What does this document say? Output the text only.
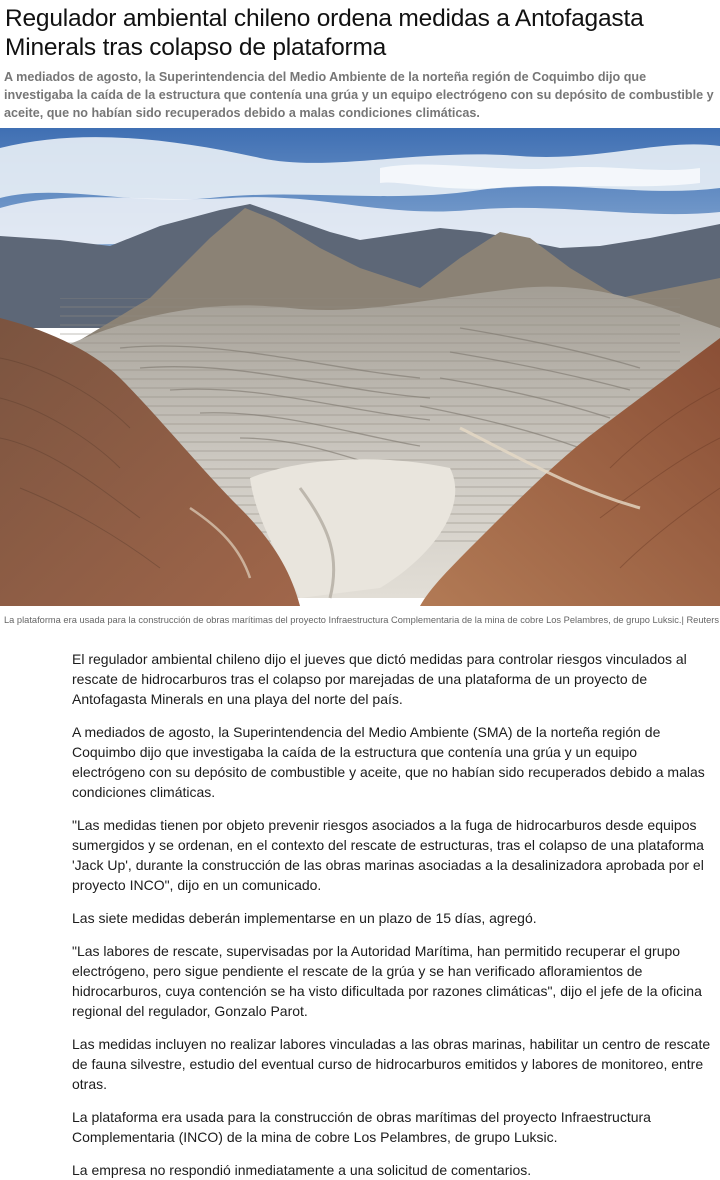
Regulador ambiental chileno ordena medidas a Antofagasta Minerals tras colapso de plataforma

A mediados de agosto, la Superintendencia del Medio Ambiente de la norteña región de Coquimbo dijo que investigaba la caída de la estructura que contenía una grúa y un equipo electrógeno con su depósito de combustible y aceite, que no habían sido recuperados debido a malas condiciones climáticas.

La plataforma era usada para la construcción de obras marítimas del proyecto Infraestructura Complementaria de la mina de cobre Los Pelambres, de grupo Luksic.| Reuters

El regulador ambiental chileno dijo el jueves que dictó medidas para controlar riesgos vinculados al rescate de hidrocarburos tras el colapso por marejadas de una plataforma de un proyecto de Antofagasta Minerals en una playa del norte del país.

A mediados de agosto, la Superintendencia del Medio Ambiente (SMA) de la norteña región de Coquimbo dijo que investigaba la caída de la estructura que contenía una grúa y un equipo electrógeno con su depósito de combustible y aceite, que no habían sido recuperados debido a malas condiciones climáticas.

"Las medidas tienen por objeto prevenir riesgos asociados a la fuga de hidrocarburos desde equipos sumergidos y se ordenan, en el contexto del rescate de estructuras, tras el colapso de una plataforma 'Jack Up', durante la construcción de las obras marinas asociadas a la desalinizadora aprobada por el proyecto INCO", dijo en un comunicado.

Las siete medidas deberán implementarse en un plazo de 15 días, agregó.

"Las labores de rescate, supervisadas por la Autoridad Marítima, han permitido recuperar el grupo electrógeno, pero sigue pendiente el rescate de la grúa y se han verificado afloramientos de hidrocarburos, cuya contención se ha visto dificultada por razones climáticas", dijo el jefe de la oficina regional del regulador, Gonzalo Parot.

Las medidas incluyen no realizar labores vinculadas a las obras marinas, habilitar un centro de rescate de fauna silvestre, estudio del eventual curso de hidrocarburos emitidos y labores de monitoreo, entre otras.

La plataforma era usada para la construcción de obras marítimas del proyecto Infraestructura Complementaria (INCO) de la mina de cobre Los Pelambres, de grupo Luksic.

La empresa no respondió inmediatamente a una solicitud de comentarios.
